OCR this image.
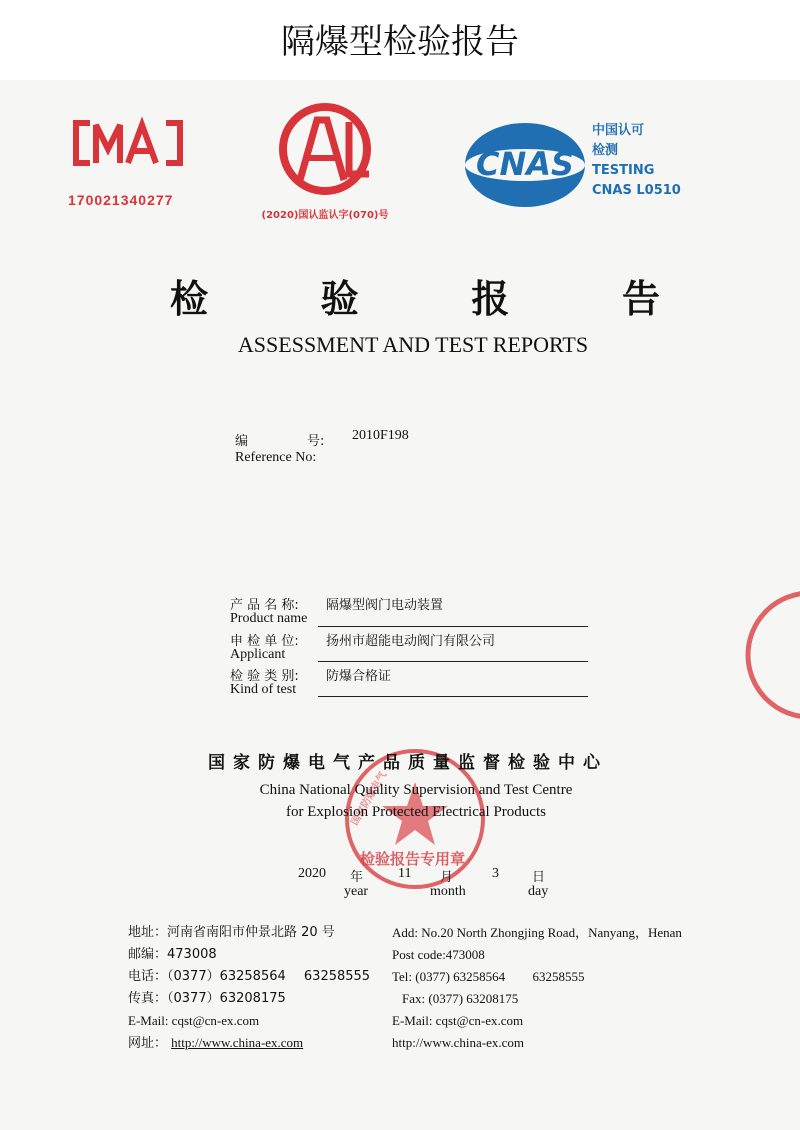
隔爆型检验报告
170021340277
(2020)国认监认字(070)号
CNAS
中国认可
检测
TESTING
CNAS L0510
检	验	报	告
ASSESSMENT AND TEST REPORTS
编	号: 2010F198
Reference No:
产 品 名 称: 隔爆型阀门电动装置
Product name
申 检 单 位: 扬州市超能电动阀门有限公司
Applicant
检 验 类 别: 防爆合格证
Kind of test
检验报告专用章
国家防爆电气
国家防爆电气产品质量监督检验中心
China National Quality Supervision and Test Centre
for Explosion Protected Electrical Products
2020 年
year
11 月
month
3	日
day
地址：河南省南阳市仲景北路 20 号
邮编：473008
电话：（0377）63258564 63258555
传真：（0377）63208175
E-Mail: cqst@cn-ex.com
网址： http://www.china-ex.com
Add: No.20 North Zhongjing Road，Nanyang，Henan
Post code:473008
Tel: (0377) 63258564 63258555
Fax: (0377) 63208175
E-Mail: cqst@cn-ex.com
http://www.china-ex.com
